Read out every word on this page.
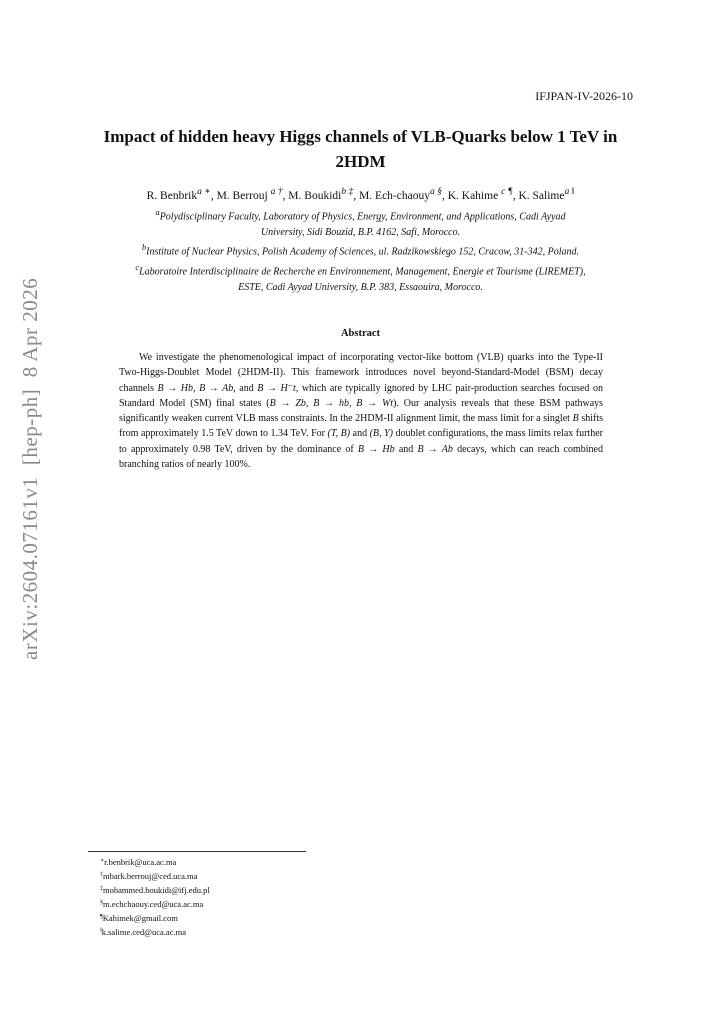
IFJPAN-IV-2026-10
Impact of hidden heavy Higgs channels of VLB-Quarks below 1 TeV in
2HDM
R. Benbrik$^{a ∗}$, M. Berrouj $^{a \dagger}$, M. Boukidi$^{b \ddagger}$, M. Ech-chaouy$^{a \S}$, K. Kahime $^{c \P}$, K. Salime$^{a ‖}$
$^a$Polydisciplinary Faculty, Laboratory of Physics, Energy, Environment, and Applications, Cadi Ayyad
University, Sidi Bouzid, B.P. 4162, Safi, Morocco.
$^b$Institute of Nuclear Physics, Polish Academy of Sciences, ul. Radzikowskiego 152, Cracow, 31-342, Poland.
$^c$Laboratoire Interdisciplinaire de Recherche en Environnement, Management, Energie et Tourisme (LIREMET),
ESTE, Cadi Ayyad University, B.P. 383, Essaouira, Morocco.
Abstract

We investigate the phenomenological impact of incorporating vector-like bottom (VLB) quarks into the Type-II Two-Higgs-Doublet Model (2HDM-II). This framework introduces novel beyond-Standard-Model (BSM) decay channels B → Hb, B → Ab, and B → H⁻t, which are typically ignored by LHC pair-production searches focused on Standard Model (SM) final states (B → Zb, B → hb, B → Wt). Our analysis reveals that these BSM pathways significantly weaken current VLB mass constraints. In the 2HDM-II alignment limit, the mass limit for a singlet B shifts from approximately 1.5 TeV down to 1.34 TeV. For (T, B) and (B, Y) doublet configurations, the mass limits relax further to approximately 0.98 TeV, driven by the dominance of B → Hb and B → Ab decays, which can reach combined branching ratios of nearly 100%.

arXiv:2604.07161v1  [hep-ph]  8 Apr 2026
∗r.benbrik@uca.ac.ma
†mbark.berrouj@ced.uca.ma
‡mohammed.boukidi@ifj.edu.pl
§m.echchaouy.ced@uca.ac.ma
¶Kahimek@gmail.com
‖k.salime.ced@uca.ac.ma
